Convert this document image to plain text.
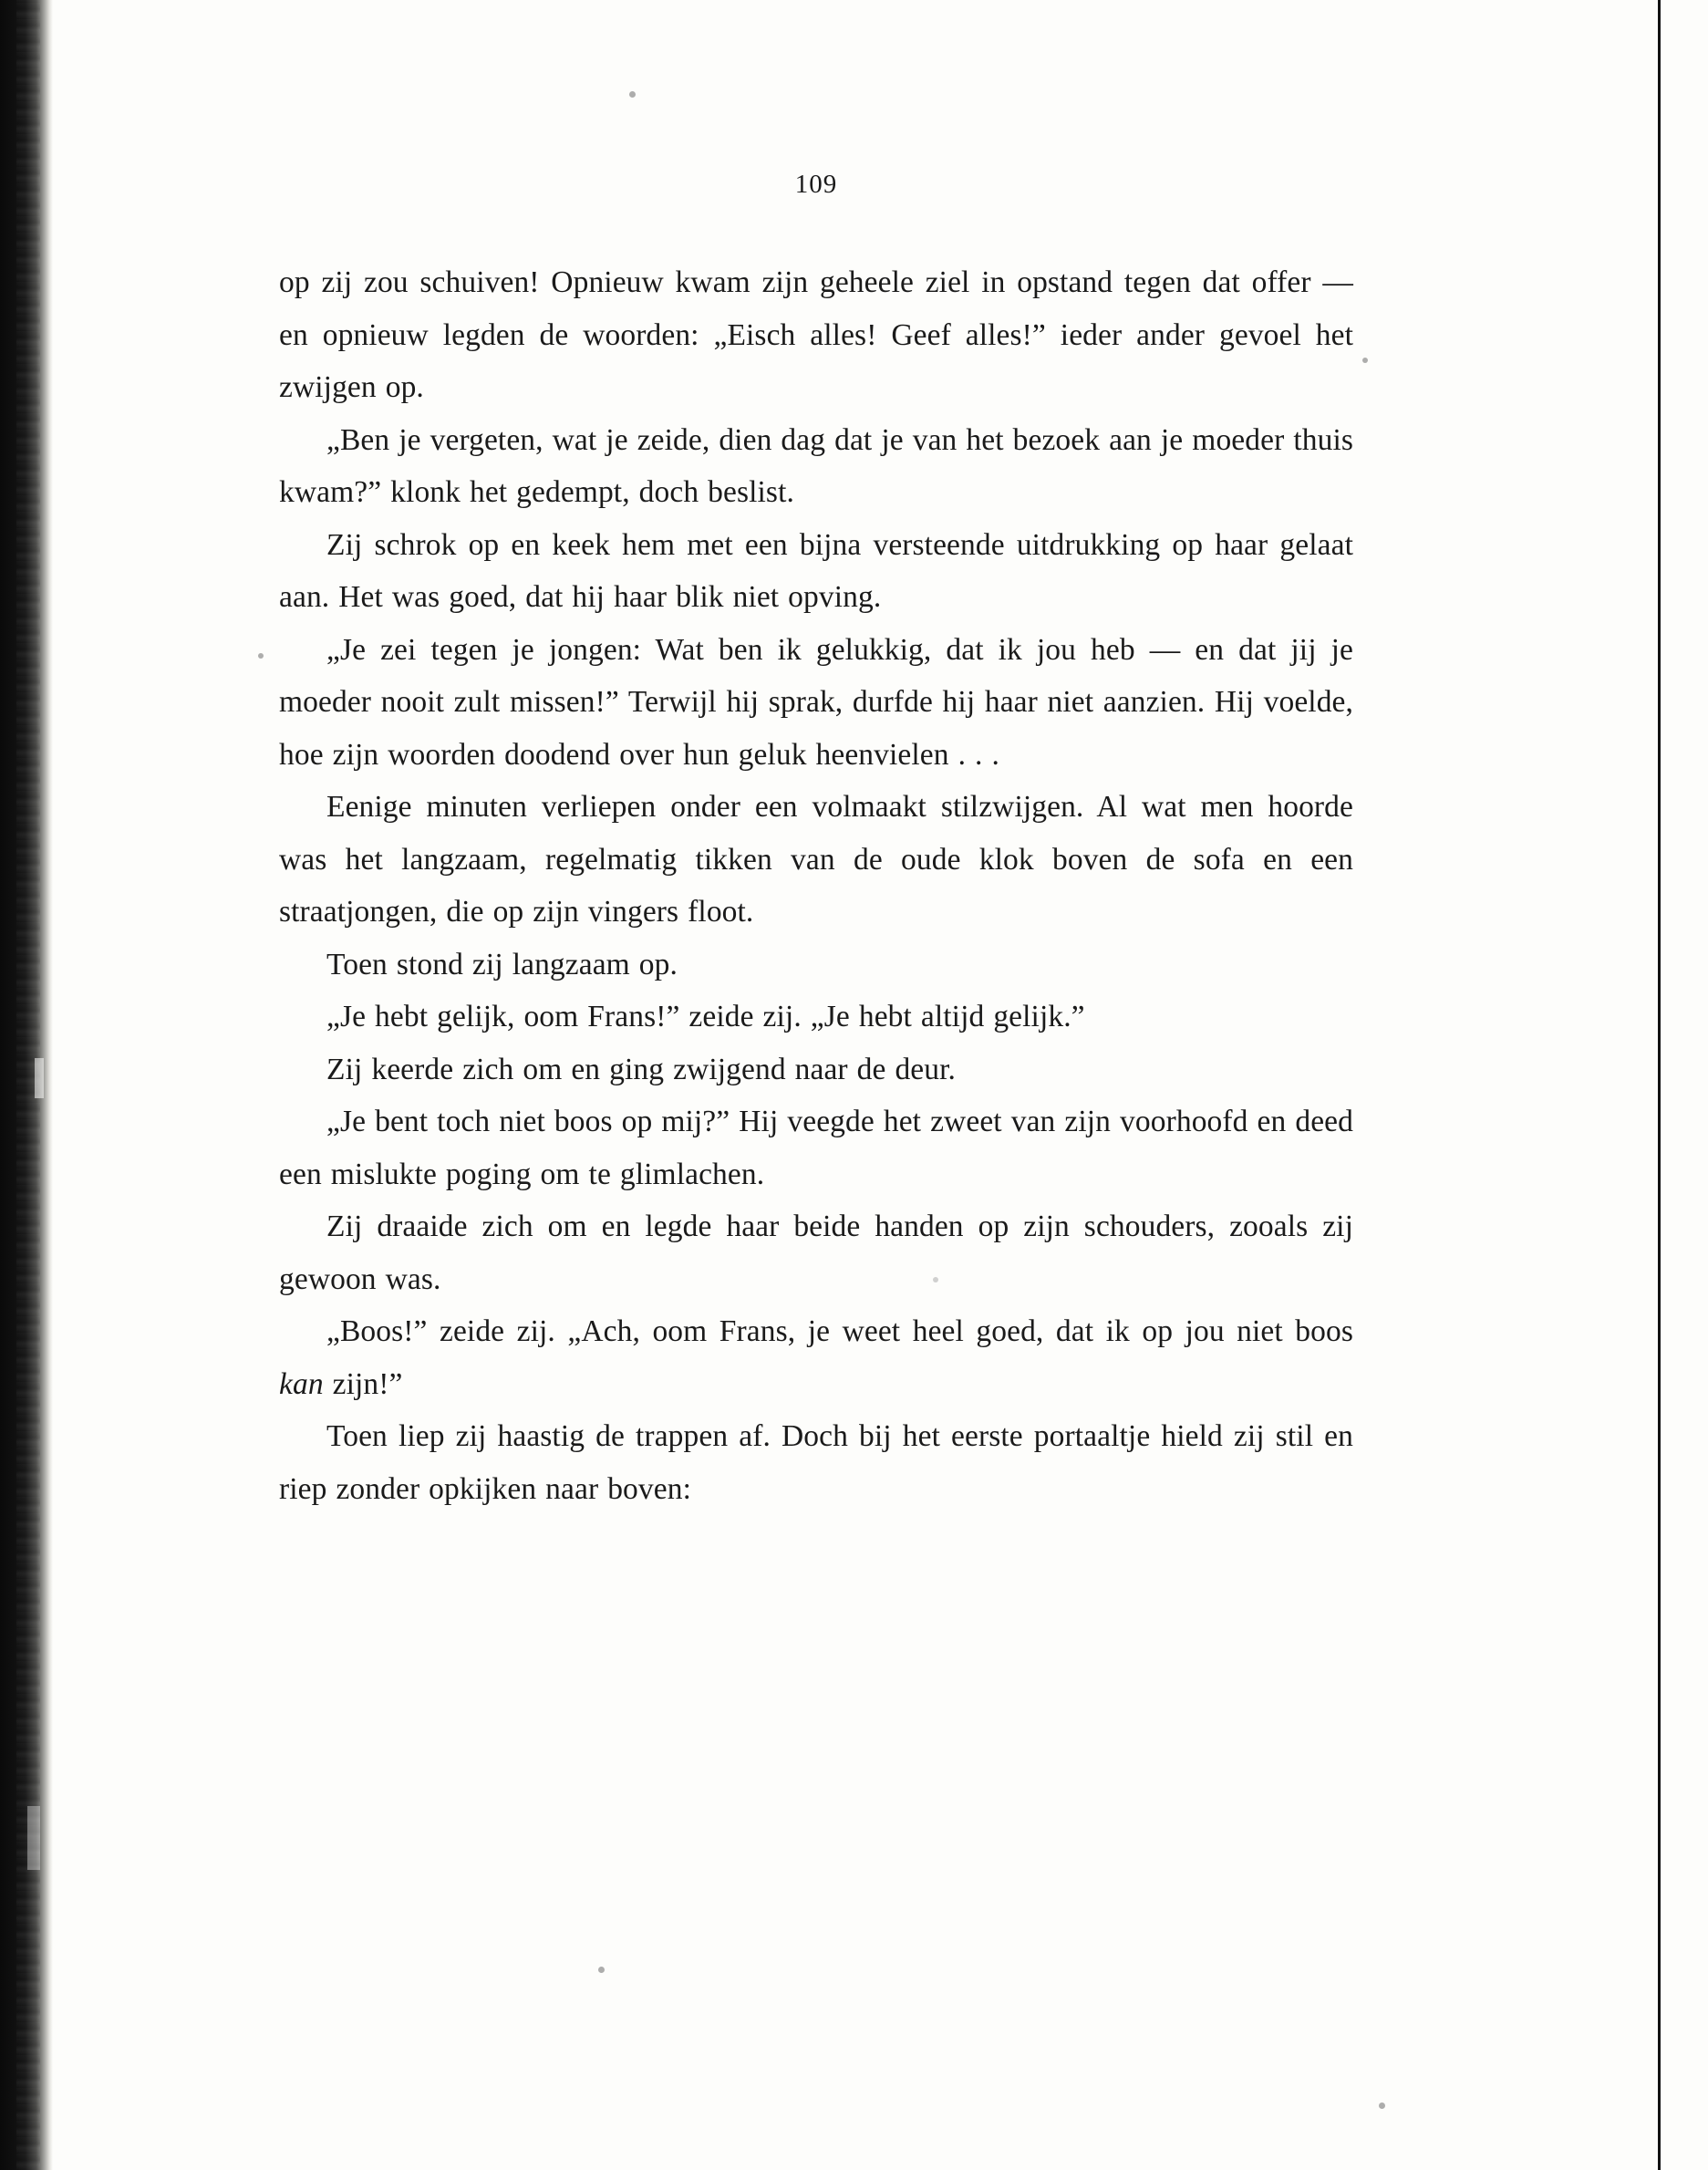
109

op zij zou schuiven! Opnieuw kwam zijn geheele ziel in opstand tegen dat offer — en opnieuw legden de woorden: „Eisch alles! Geef alles!” ieder ander gevoel het zwijgen op.

„Ben je vergeten, wat je zeide, dien dag dat je van het bezoek aan je moeder thuis kwam?” klonk het gedempt, doch beslist.

Zij schrok op en keek hem met een bijna versteende uitdrukking op haar gelaat aan. Het was goed, dat hij haar blik niet opving.

„Je zei tegen je jongen: Wat ben ik gelukkig, dat ik jou heb — en dat jij je moeder nooit zult missen!” Terwijl hij sprak, durfde hij haar niet aanzien. Hij voelde, hoe zijn woorden doodend over hun geluk heenvielen . . .

Eenige minuten verliepen onder een volmaakt stilzwijgen. Al wat men hoorde was het langzaam, regelmatig tikken van de oude klok boven de sofa en een straatjongen, die op zijn vingers floot.

Toen stond zij langzaam op.

„Je hebt gelijk, oom Frans!” zeide zij. „Je hebt altijd gelijk.”

Zij keerde zich om en ging zwijgend naar de deur.

„Je bent toch niet boos op mij?” Hij veegde het zweet van zijn voorhoofd en deed een mislukte poging om te glimlachen.

Zij draaide zich om en legde haar beide handen op zijn schouders, zooals zij gewoon was.

„Boos!” zeide zij. „Ach, oom Frans, je weet heel goed, dat ik op jou niet boos kan zijn!”

Toen liep zij haastig de trappen af. Doch bij het eerste portaaltje hield zij stil en riep zonder opkijken naar boven:
